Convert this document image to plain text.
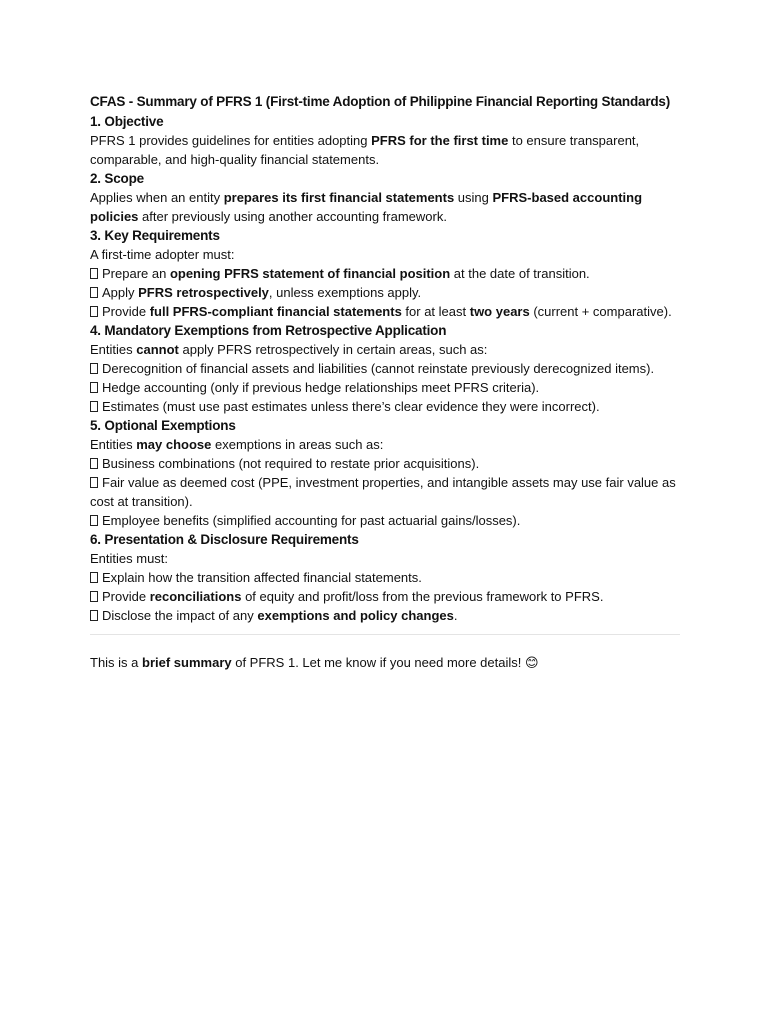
CFAS - Summary of PFRS 1 (First-time Adoption of Philippine Financial Reporting Standards)

1. Objective

PFRS 1 provides guidelines for entities adopting PFRS for the first time to ensure transparent, comparable, and high-quality financial statements.

2. Scope

Applies when an entity prepares its first financial statements using PFRS-based accounting policies after previously using another accounting framework.

3. Key Requirements

A first-time adopter must:

Prepare an opening PFRS statement of financial position at the date of transition.

Apply PFRS retrospectively, unless exemptions apply.

Provide full PFRS-compliant financial statements for at least two years (current + comparative).

4. Mandatory Exemptions from Retrospective Application

Entities cannot apply PFRS retrospectively in certain areas, such as:

Derecognition of financial assets and liabilities (cannot reinstate previously derecognized items).

Hedge accounting (only if previous hedge relationships meet PFRS criteria).

Estimates (must use past estimates unless there’s clear evidence they were incorrect).

5. Optional Exemptions

Entities may choose exemptions in areas such as:

Business combinations (not required to restate prior acquisitions).

Fair value as deemed cost (PPE, investment properties, and intangible assets may use fair value as cost at transition).

Employee benefits (simplified accounting for past actuarial gains/losses).

6. Presentation & Disclosure Requirements

Entities must:

Explain how the transition affected financial statements.

Provide reconciliations of equity and profit/loss from the previous framework to PFRS.

Disclose the impact of any exemptions and policy changes.

This is a brief summary of PFRS 1. Let me know if you need more details! 😊
